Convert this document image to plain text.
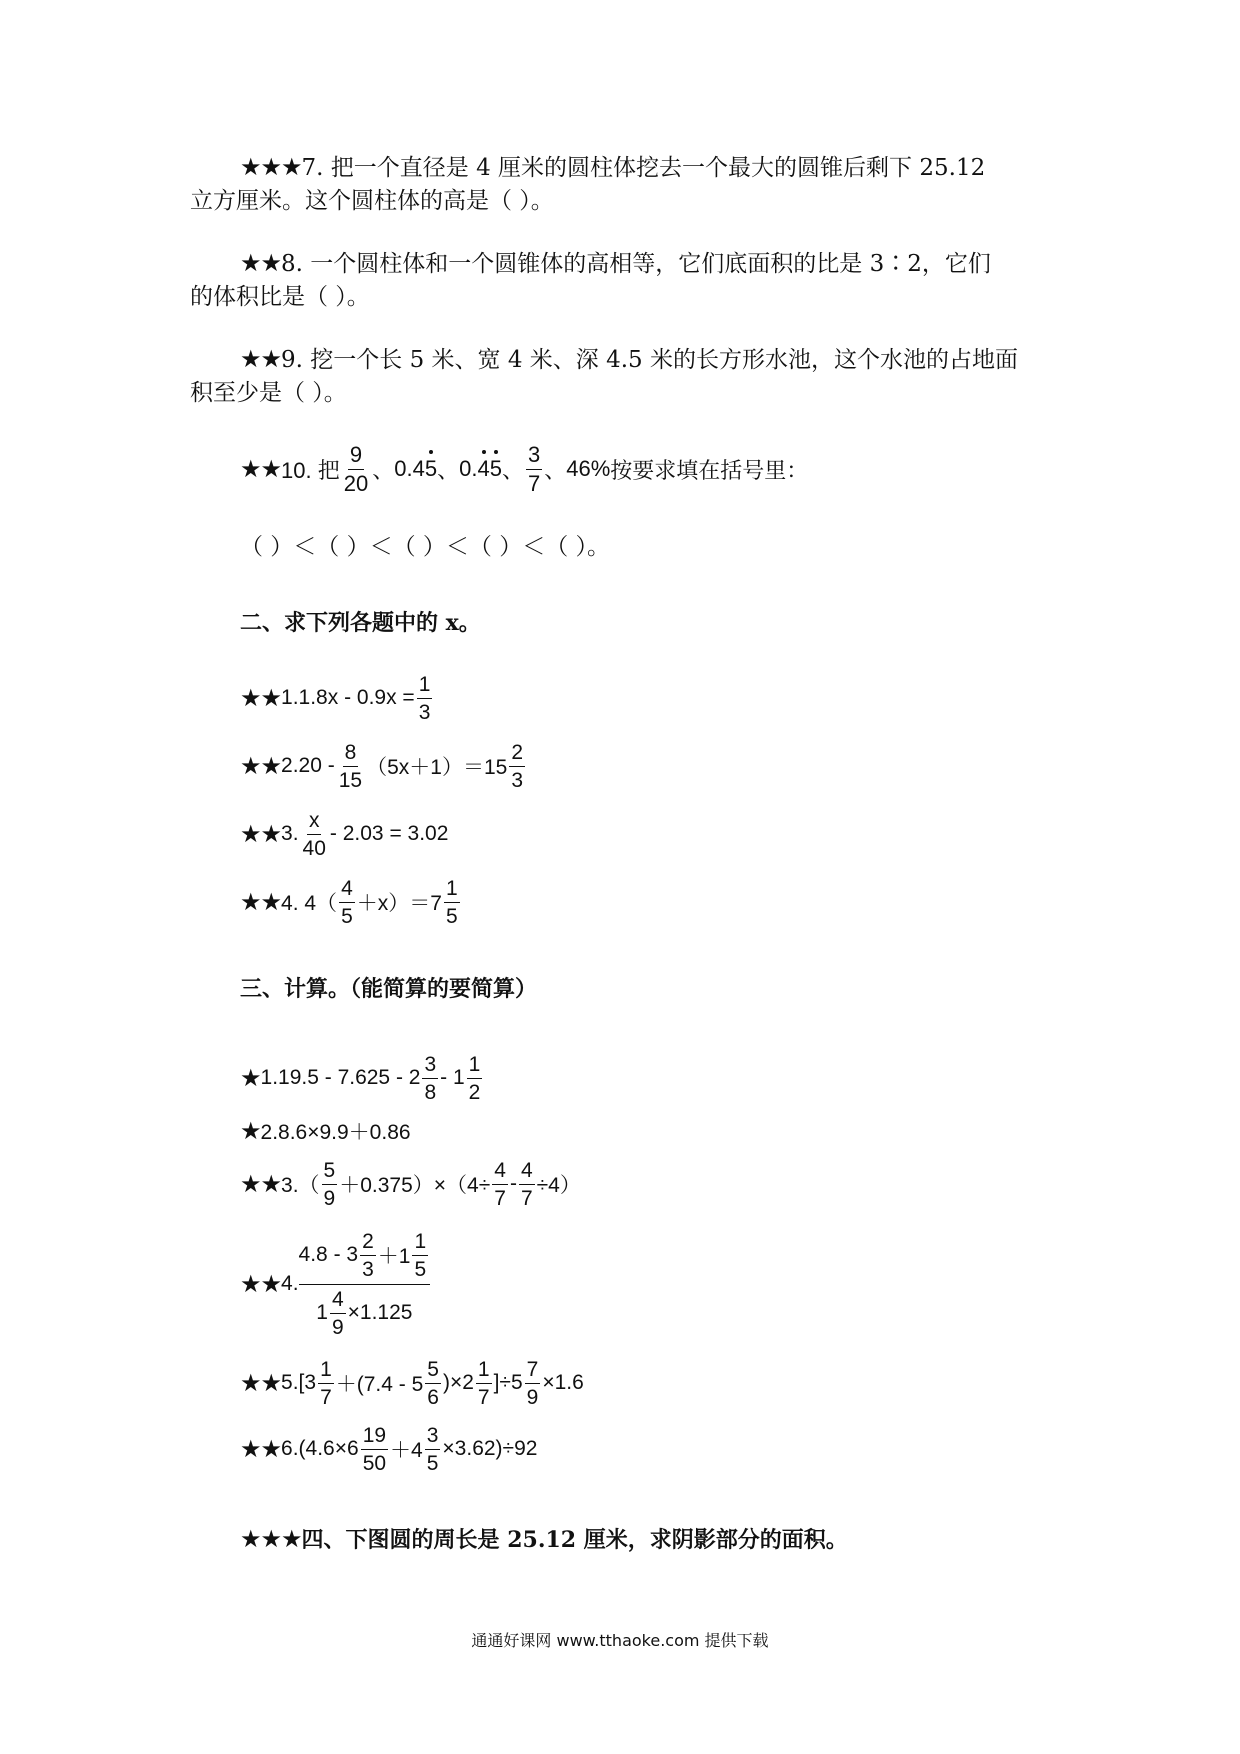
★★★7. 把一个直径是 4 厘米的圆柱体挖去一个最大的圆锥后剩下 25.12
立方厘米。这个圆柱体的高是（ ）。
★★8. 一个圆柱体和一个圆锥体的高相等，它们底面积的比是 3∶2，它们
的体积比是（ ）。
★★9. 挖一个长 5 米、宽 4 米、深 4.5 米的长方形水池，这个水池的占地面
积至少是（ ）。
★★ 10. 把 $\frac{9}{20}$ 、 0.45 、 0.45 、 $\frac{3}{7}$ 、 46% 按要求填在括号里：
（ ）＜（ ）＜（ ）＜（ ）＜（ ）。
二、求下列各题中的 x。
★★ $1.1.8x - 0.9x = \frac{1}{3}$
★★ $2.20 - \frac{8}{15} (5x+1)=15 \frac{2}{3}$
★★ 3. $\frac{x}{40} - 2.03 = 3.02$
★★ 4. $4( \frac{4}{5} +x)=7 \frac{1}{5}$
三、计算。（能简算的要简算）
★ $1.19.5 - 7.625 - 2 \frac{3}{8} - 1 \frac{1}{2}$
★ 2.8.6×9.9＋0.86
★★ $3.( \frac{5}{9} +0.375)\times(4\div \frac{4}{7} - \frac{4}{7} \div 4)$
★★ 4. $\frac{4.8 - 3 \frac{2}{3} +1 \frac{1}{5}}{1 \frac{4}{9} \times 1.125}$
★★ $5.[3 \frac{1}{7} +(7.4 - 5 \frac{5}{6} )\times 2 \frac{1}{7} ]\div 5 \frac{7}{9} \times 1.6$
★★ $6.(4.6\times 6 \frac{19}{50} +4 \frac{3}{5} \times 3.62)\div 92$
★★★四、下图圆的周长是 25.12 厘米，求阴影部分的面积。
通通好课网 www.tthaoke.com 提供下载
